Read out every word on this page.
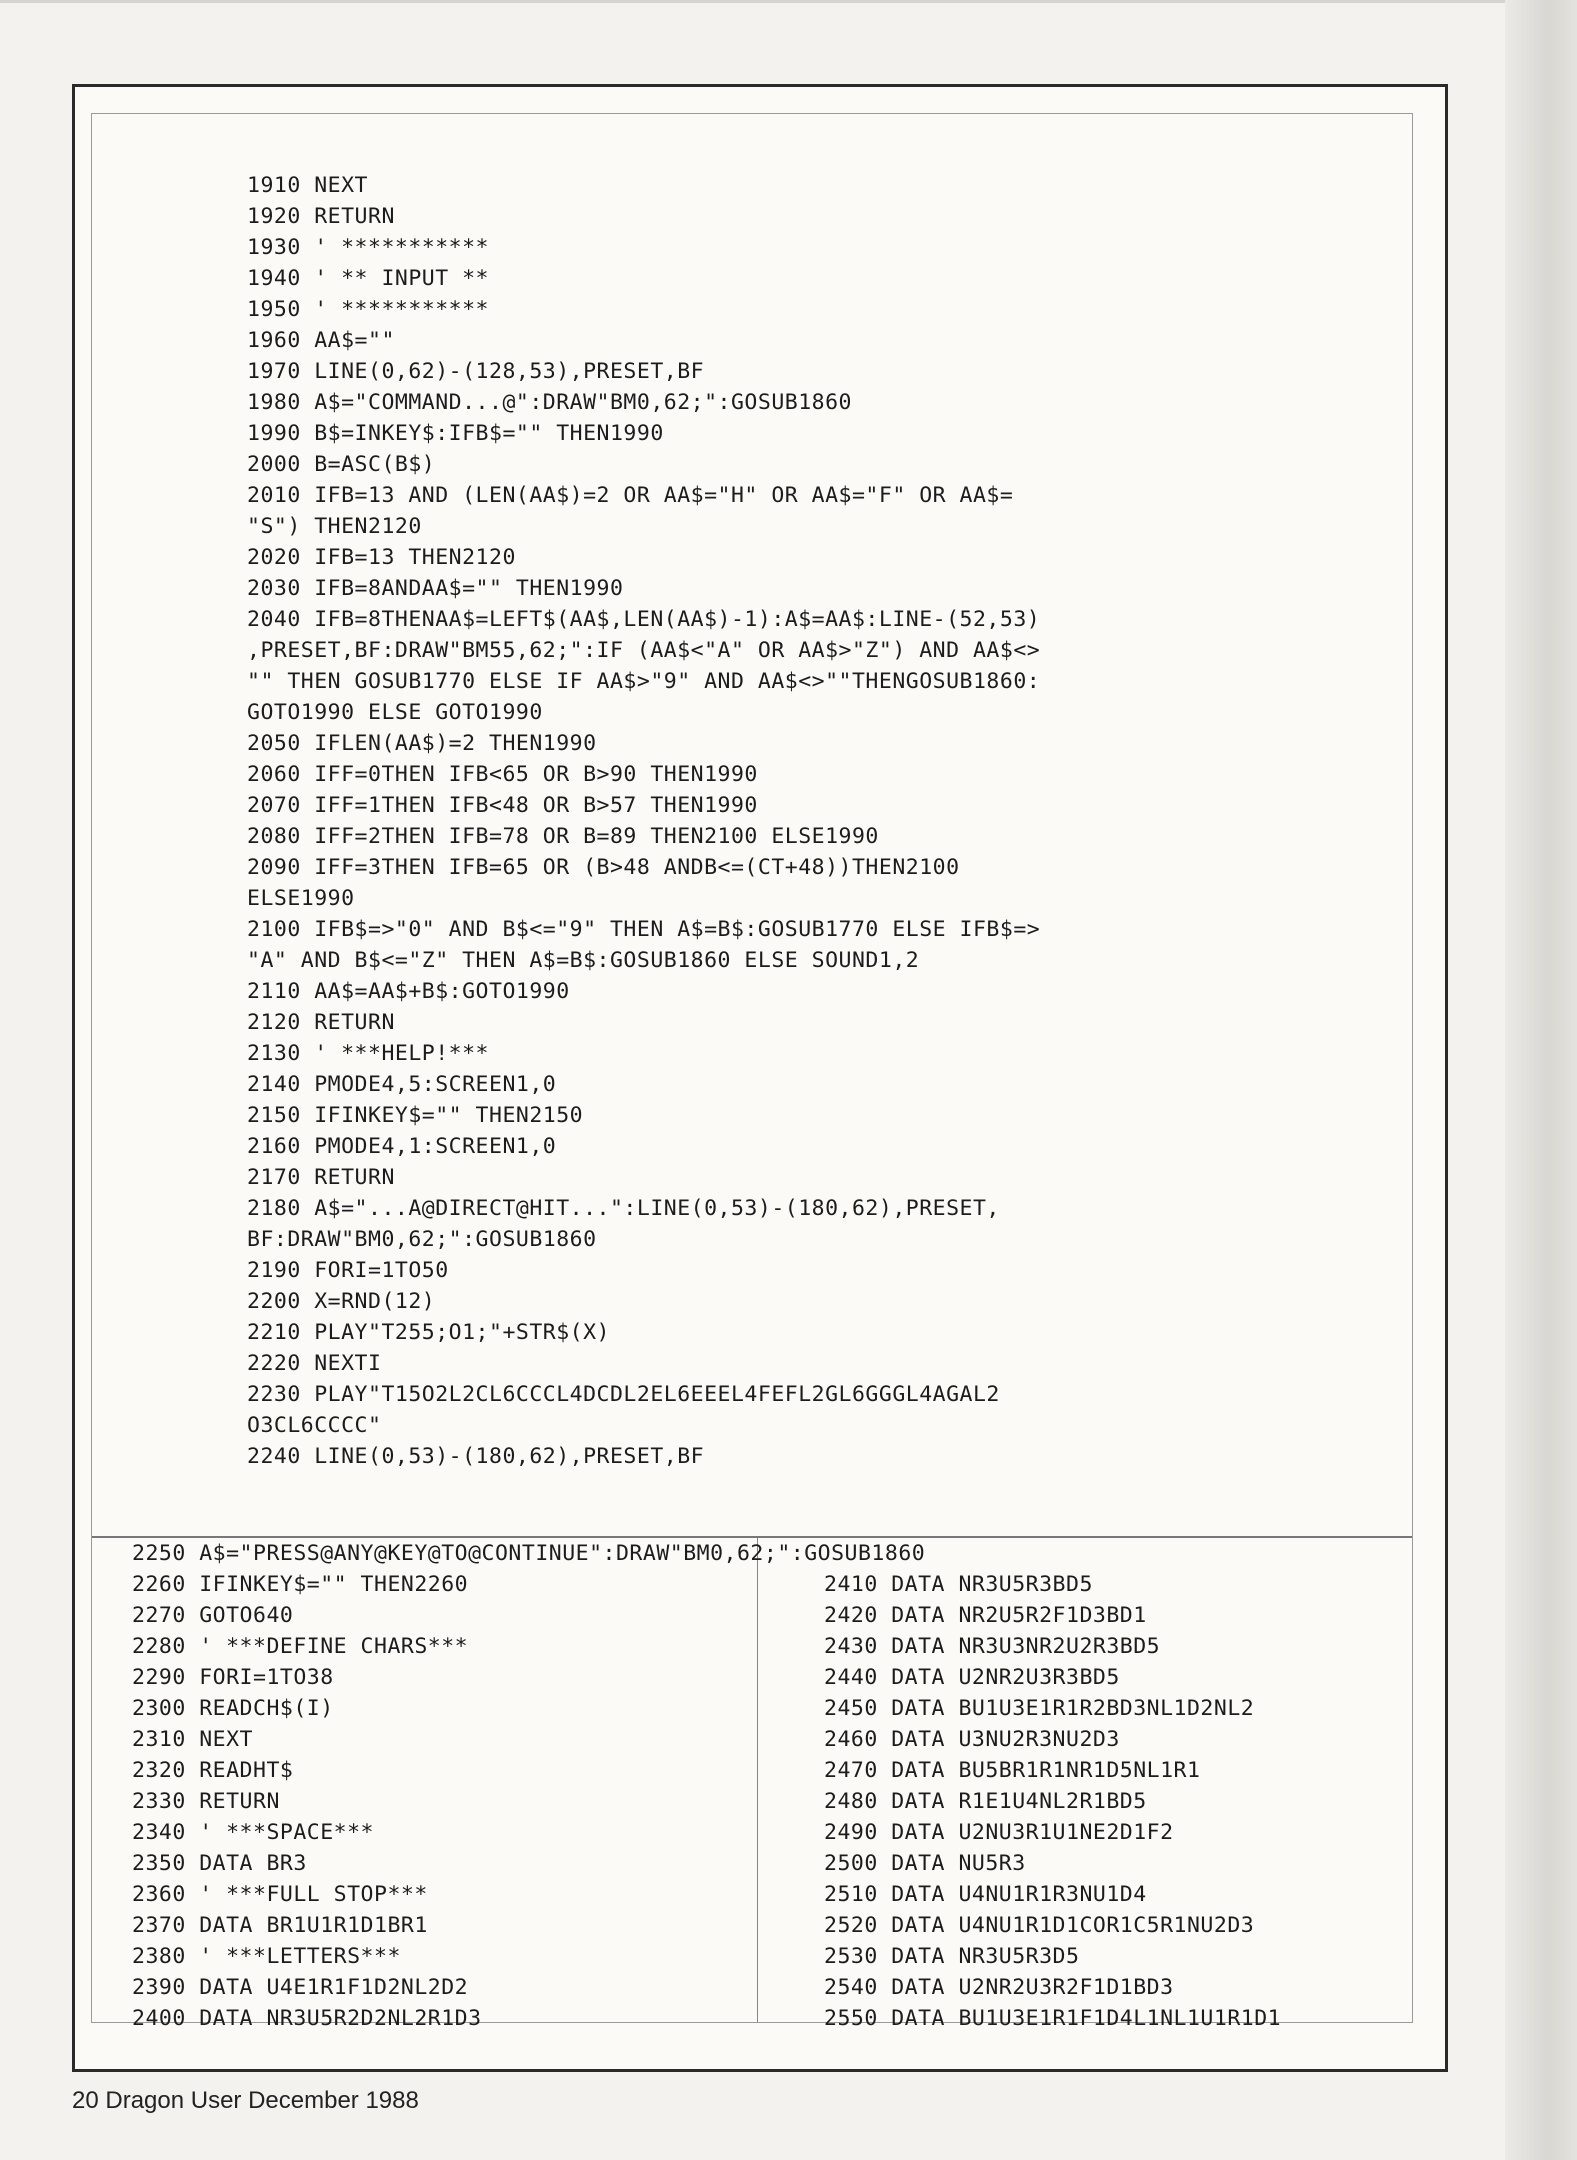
1910 NEXT
1920 RETURN
1930 ' ***********
1940 ' ** INPUT **
1950 ' ***********
1960 AA$=""
1970 LINE(0,62)-(128,53),PRESET,BF
1980 A$="COMMAND...@":DRAW"BM0,62;":GOSUB1860
1990 B$=INKEY$:IFB$="" THEN1990
2000 B=ASC(B$)
2010 IFB=13 AND (LEN(AA$)=2 OR AA$="H" OR AA$="F" OR AA$=
"S") THEN2120
2020 IFB=13 THEN2120
2030 IFB=8ANDAA$="" THEN1990
2040 IFB=8THENAA$=LEFT$(AA$,LEN(AA$)-1):A$=AA$:LINE-(52,53)
,PRESET,BF:DRAW"BM55,62;":IF (AA$<"A" OR AA$>"Z") AND AA$<>
"" THEN GOSUB1770 ELSE IF AA$>"9" AND AA$<>""THENGOSUB1860:
GOTO1990 ELSE GOTO1990
2050 IFLEN(AA$)=2 THEN1990
2060 IFF=0THEN IFB<65 OR B>90 THEN1990
2070 IFF=1THEN IFB<48 OR B>57 THEN1990
2080 IFF=2THEN IFB=78 OR B=89 THEN2100 ELSE1990
2090 IFF=3THEN IFB=65 OR (B>48 ANDB<=(CT+48))THEN2100
ELSE1990
2100 IFB$=>"0" AND B$<="9" THEN A$=B$:GOSUB1770 ELSE IFB$=>
"A" AND B$<="Z" THEN A$=B$:GOSUB1860 ELSE SOUND1,2
2110 AA$=AA$+B$:GOTO1990
2120 RETURN
2130 ' ***HELP!***
2140 PMODE4,5:SCREEN1,0
2150 IFINKEY$="" THEN2150
2160 PMODE4,1:SCREEN1,0
2170 RETURN
2180 A$="...A@DIRECT@HIT...":LINE(0,53)-(180,62),PRESET,
BF:DRAW"BM0,62;":GOSUB1860
2190 FORI=1TO50
2200 X=RND(12)
2210 PLAY"T255;O1;"+STR$(X)
2220 NEXTI
2230 PLAY"T15O2L2CL6CCCL4DCDL2EL6EEEL4FEFL2GL6GGGL4AGAL2
O3CL6CCCC"
2240 LINE(0,53)-(180,62),PRESET,BF
2250 A$="PRESS@ANY@KEY@TO@CONTINUE":DRAW"BM0,62;":GOSUB1860
2260 IFINKEY$="" THEN2260
2270 GOTO640
2280 ' ***DEFINE CHARS***
2290 FORI=1TO38
2300 READCH$(I)
2310 NEXT
2320 READHT$
2330 RETURN
2340 ' ***SPACE***
2350 DATA BR3
2360 ' ***FULL STOP***
2370 DATA BR1U1R1D1BR1
2380 ' ***LETTERS***
2390 DATA U4E1R1F1D2NL2D2
2400 DATA NR3U5R2D2NL2R1D3
2410 DATA NR3U5R3BD5
2420 DATA NR2U5R2F1D3BD1
2430 DATA NR3U3NR2U2R3BD5
2440 DATA U2NR2U3R3BD5
2450 DATA BU1U3E1R1R2BD3NL1D2NL2
2460 DATA U3NU2R3NU2D3
2470 DATA BU5BR1R1NR1D5NL1R1
2480 DATA R1E1U4NL2R1BD5
2490 DATA U2NU3R1U1NE2D1F2
2500 DATA NU5R3
2510 DATA U4NU1R1R3NU1D4
2520 DATA U4NU1R1D1COR1C5R1NU2D3
2530 DATA NR3U5R3D5
2540 DATA U2NR2U3R2F1D1BD3
2550 DATA BU1U3E1R1F1D4L1NL1U1R1D1
20 Dragon User December 1988
